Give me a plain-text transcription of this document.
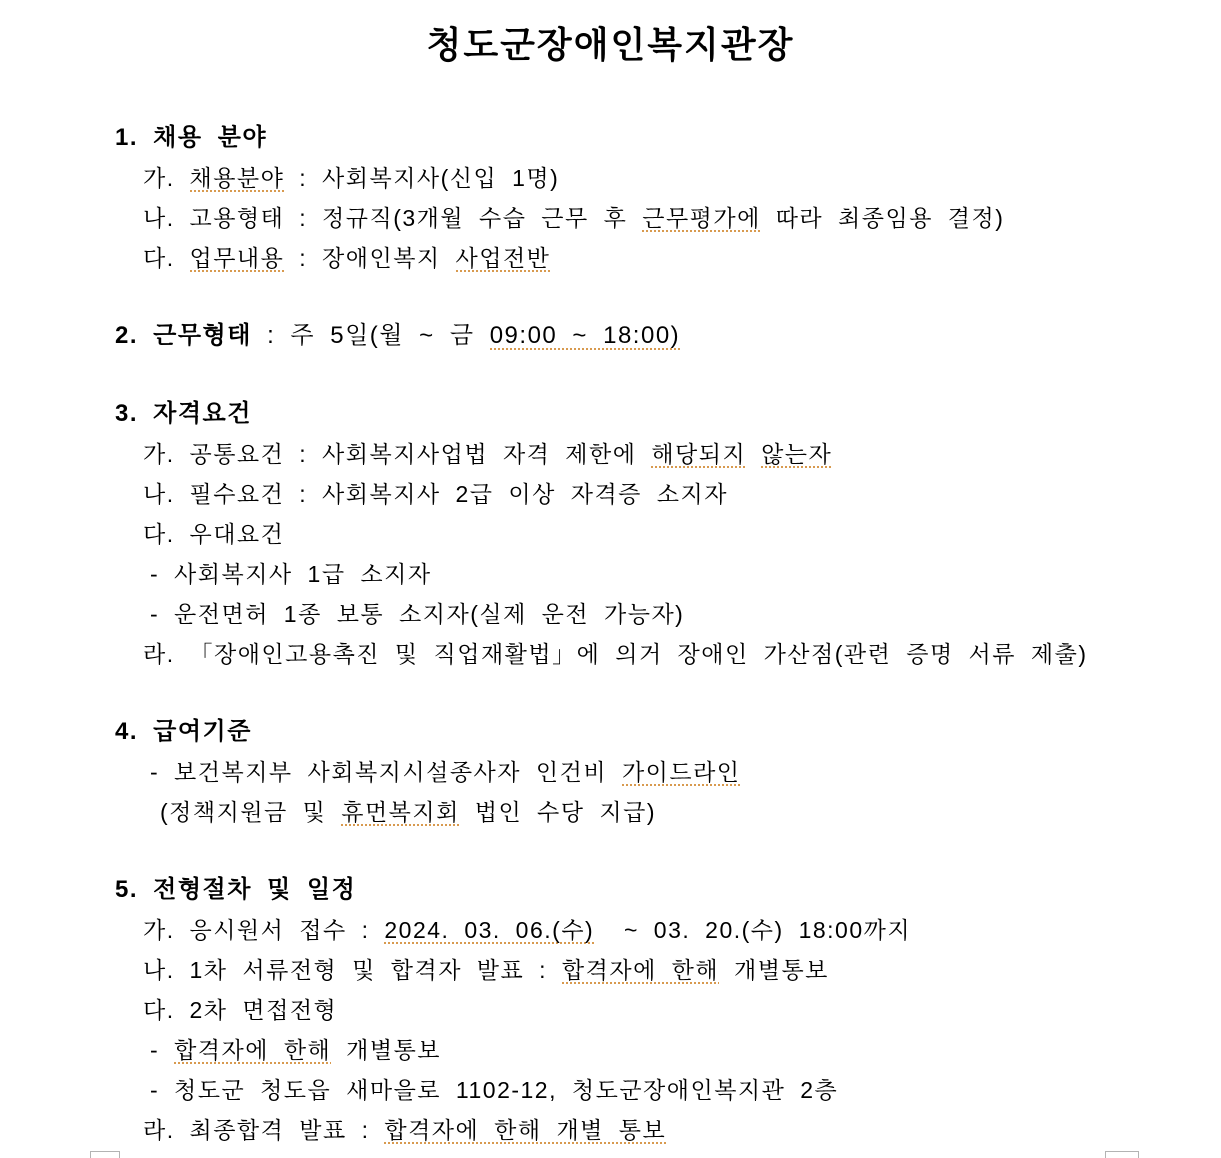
청도군장애인복지관장
1. 채용 분야
가. 채용분야 : 사회복지사(신입 1명)
나. 고용형태 : 정규직(3개월 수습 근무 후 근무평가에 따라 최종임용 결정)
다. 업무내용 : 장애인복지 사업전반
2. 근무형태 : 주 5일(월 ~ 금 09:00 ~ 18:00)
3. 자격요건
가. 공통요건 : 사회복지사업법 자격 제한에 해당되지 않는자
나. 필수요건 : 사회복지사 2급 이상 자격증 소지자
다. 우대요건
- 사회복지사 1급 소지자
- 운전면허 1종 보통 소지자(실제 운전 가능자)
라. 「장애인고용촉진 및 직업재활법」에 의거 장애인 가산점(관련 증명 서류 제출)
4. 급여기준
- 보건복지부 사회복지시설종사자 인건비 가이드라인
(정책지원금 및 휴먼복지회 법인 수당 지급)
5. 전형절차 및 일정
가. 응시원서 접수 : 2024. 03. 06.(수)  ~ 03. 20.(수) 18:00까지
나. 1차 서류전형 및 합격자 발표 : 합격자에 한해 개별통보
다. 2차 면접전형
- 합격자에 한해 개별통보
- 청도군 청도읍 새마을로 1102-12, 청도군장애인복지관 2층
라. 최종합격 발표 : 합격자에 한해 개별 통보
